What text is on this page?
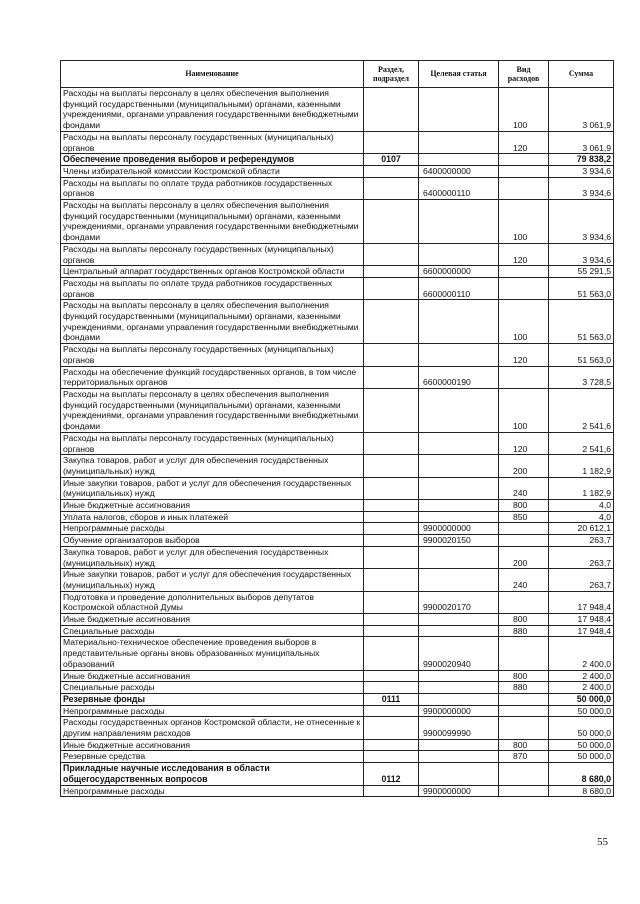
Наименование	Раздел, подраздел	Целевая статья	Вид расходов	Сумма
Расходы на выплаты персоналу в целях обеспечения выполнения функций государственными (муниципальными) органами, казенными учреждениями, органами управления государственными внебюджетными фондами			100	3 061,9
Расходы на выплаты персоналу государственных (муниципальных) органов			120	3 061,9
Обеспечение проведения выборов и референдумов	0107			79 838,2
Члены избирательной комиссии Костромской области		6400000000		3 934,6
Расходы на выплаты по оплате труда работников государственных органов		6400000110		3 934,6
Расходы на выплаты персоналу в целях обеспечения выполнения функций государственными (муниципальными) органами, казенными учреждениями, органами управления государственными внебюджетными фондами			100	3 934,6
Расходы на выплаты персоналу государственных (муниципальных) органов			120	3 934,6
Центральный аппарат государственных органов Костромской области		6600000000		55 291,5
Расходы на выплаты по оплате труда работников государственных органов		6600000110		51 563,0
Расходы на выплаты персоналу в целях обеспечения выполнения функций государственными (муниципальными) органами, казенными учреждениями, органами управления государственными внебюджетными фондами			100	51 563,0
Расходы на выплаты персоналу государственных (муниципальных) органов			120	51 563,0
Расходы на обеспечение функций государственных органов, в том числе территориальных органов		6600000190		3 728,5
Расходы на выплаты персоналу в целях обеспечения выполнения функций государственными (муниципальными) органами, казенными учреждениями, органами управления государственными внебюджетными фондами			100	2 541,6
Расходы на выплаты персоналу государственных (муниципальных) органов			120	2 541,6
Закупка товаров, работ и услуг для обеспечения государственных (муниципальных) нужд			200	1 182,9
Иные закупки товаров, работ и услуг для обеспечения государственных (муниципальных) нужд			240	1 182,9
Иные бюджетные ассигнования			800	4,0
Уплата налогов, сборов и иных платежей			850	4,0
Непрограммные расходы		9900000000		20 612,1
Обучение организаторов выборов		9900020150		263,7
Закупка товаров, работ и услуг для обеспечения государственных (муниципальных) нужд			200	263,7
Иные закупки товаров, работ и услуг для обеспечения государственных (муниципальных) нужд			240	263,7
Подготовка и проведение дополнительных выборов депутатов Костромской областной Думы		9900020170		17 948,4
Иные бюджетные ассигнования			800	17 948,4
Специальные расходы			880	17 948,4
Материально-техническое обеспечение проведения выборов в представительные органы вновь образованных муниципальных образований		9900020940		2 400,0
Иные бюджетные ассигнования			800	2 400,0
Специальные расходы			880	2 400,0
Резервные фонды	0111			50 000,0
Непрограммные расходы		9900000000		50 000,0
Расходы государственных органов Костромской области, не отнесенные к другим направлениям расходов		9900099990		50 000,0
Иные бюджетные ассигнования			800	50 000,0
Резервные средства			870	50 000,0
Прикладные научные исследования в области общегосударственных вопросов	0112			8 680,0
Непрограммные расходы		9900000000		8 680,0
55
